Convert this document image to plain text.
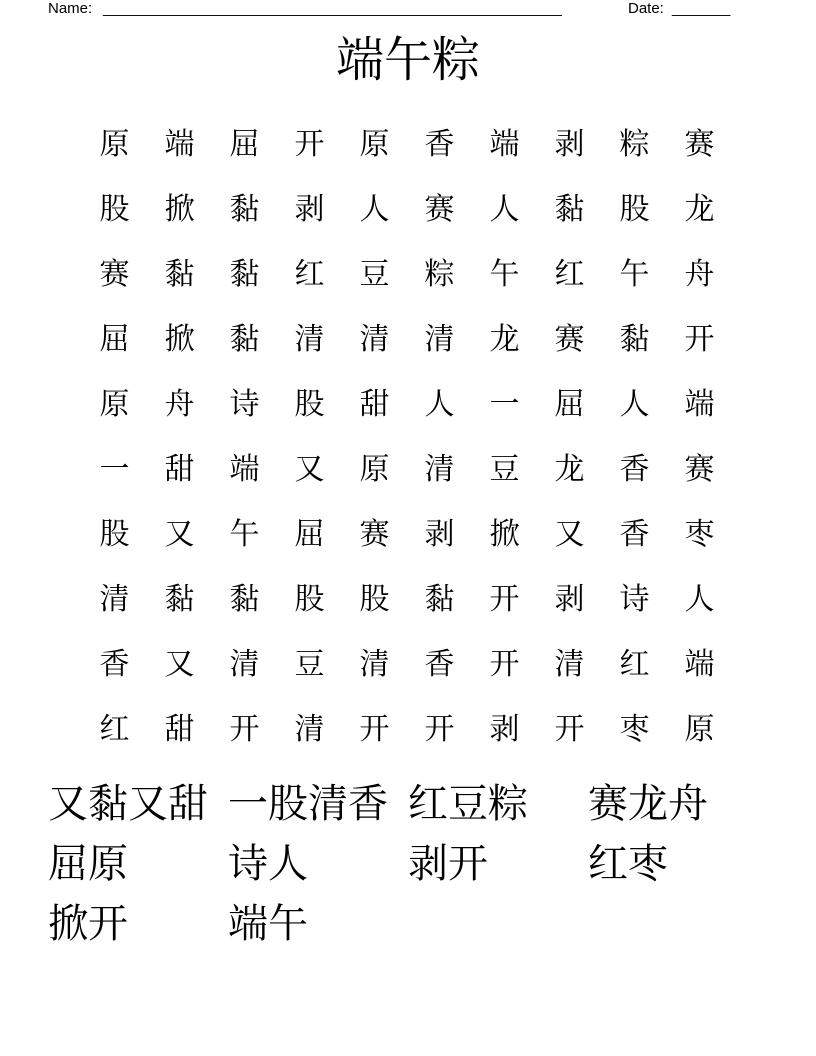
Name: _______________________________________________________	Date: _______
端午粽
原	端	屈	开	原	香	端	剥	粽	赛
股	掀	黏	剥	人	赛	人	黏	股	龙
赛	黏	黏	红	豆	粽	午	红	午	舟
屈	掀	黏	清	清	清	龙	赛	黏	开
原	舟	诗	股	甜	人	一	屈	人	端
一	甜	端	又	原	清	豆	龙	香	赛
股	又	午	屈	赛	剥	掀	又	香	枣
清	黏	黏	股	股	黏	开	剥	诗	人
香	又	清	豆	清	香	开	清	红	端
红	甜	开	清	开	开	剥	开	枣	原
又黏又甜 一股清香 红豆粽	赛龙舟
屈原	诗人	剥开	红枣
掀开	端午
